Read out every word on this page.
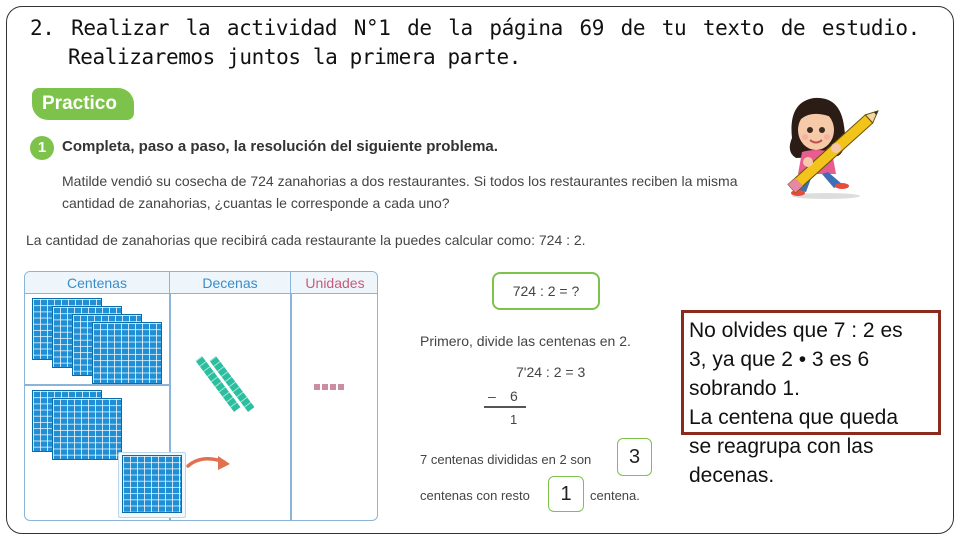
2. Realizar la actividad N°1 de la página 69 de tu texto de estudio.
Realizaremos juntos la primera parte.
Practico
1	Completa, paso a paso, la resolución del siguiente problema.
Matilde vendió su cosecha de 724 zanahorias a dos restaurantes. Si todos los restaurantes reciben la misma cantidad de zanahorias, ¿cuantas le corresponde a cada uno?
La cantidad de zanahorias que recibirá cada restaurante la puedes calcular como: 724 : 2.
Centenas	Decenas	Unidades	724 : 2 = ?
Primero, divide las centenas en 2.
7'24 : 2 = 3
– 6
1
7 centenas divididas en 2 son	3
centenas con resto	1	centena.
No olvides que 7 : 2 es
3, ya que 2 • 3 es 6
sobrando 1.
La centena que queda
se reagrupa con las
decenas.
